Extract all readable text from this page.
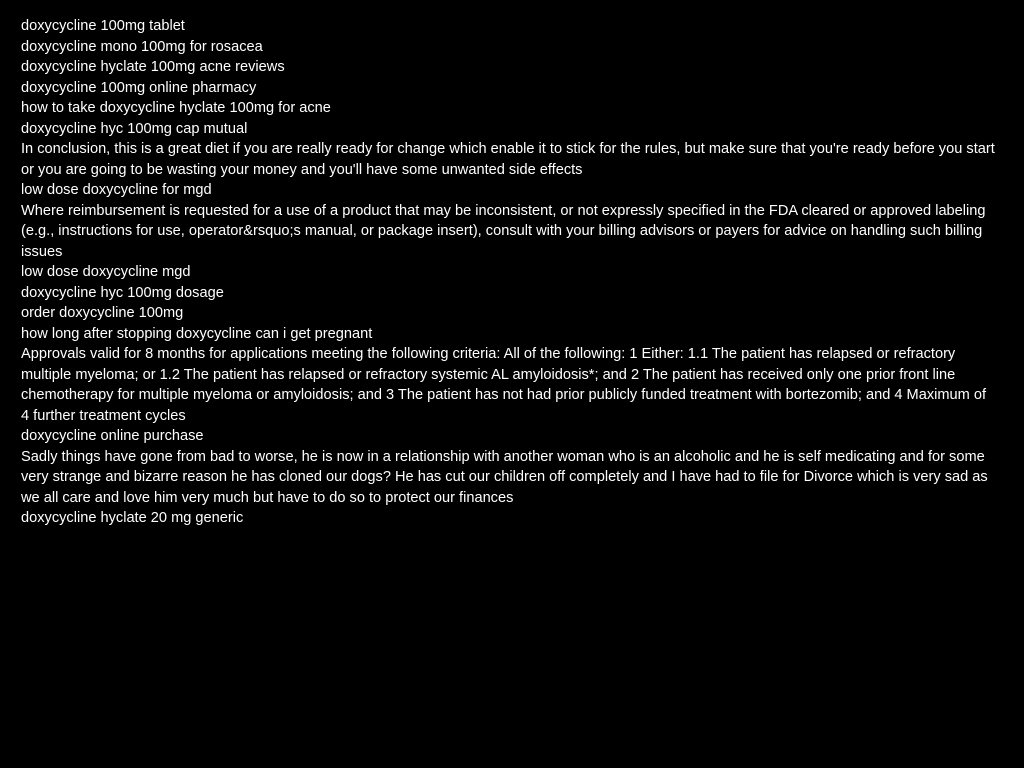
doxycycline 100mg tablet
doxycycline mono 100mg for rosacea
doxycycline hyclate 100mg acne reviews
doxycycline 100mg online pharmacy
how to take doxycycline hyclate 100mg for acne
doxycycline hyc 100mg cap mutual
In conclusion, this is a great diet if you are really ready for change which enable it to stick for the rules, but make sure that you're ready before you start or you are going to be wasting your money and you'll have some unwanted side effects
low dose doxycycline for mgd
Where reimbursement is requested for a use of a product that may be inconsistent, or not expressly specified in the FDA cleared or approved labeling (e.g., instructions for use, operator&rsquo;s manual, or package insert), consult with your billing advisors or payers for advice on handling such billing issues
low dose doxycycline mgd
doxycycline hyc 100mg dosage
order doxycycline 100mg
how long after stopping doxycycline can i get pregnant
Approvals valid for 8 months for applications meeting the following criteria: All of the following: 1 Either: 1.1 The patient has relapsed or refractory multiple myeloma; or 1.2 The patient has relapsed or refractory systemic AL amyloidosis*; and 2 The patient has received only one prior front line chemotherapy for multiple myeloma or amyloidosis; and 3 The patient has not had prior publicly funded treatment with bortezomib; and 4 Maximum of 4 further treatment cycles
doxycycline online purchase
Sadly things have gone from bad to worse, he is now in a relationship with another woman who is an alcoholic and he is self medicating and for some very strange and bizarre reason he has cloned our dogs? He has cut our children off completely and I have had to file for Divorce which is very sad as we all care and love him very much but have to do so to protect our finances
doxycycline hyclate 20 mg generic
